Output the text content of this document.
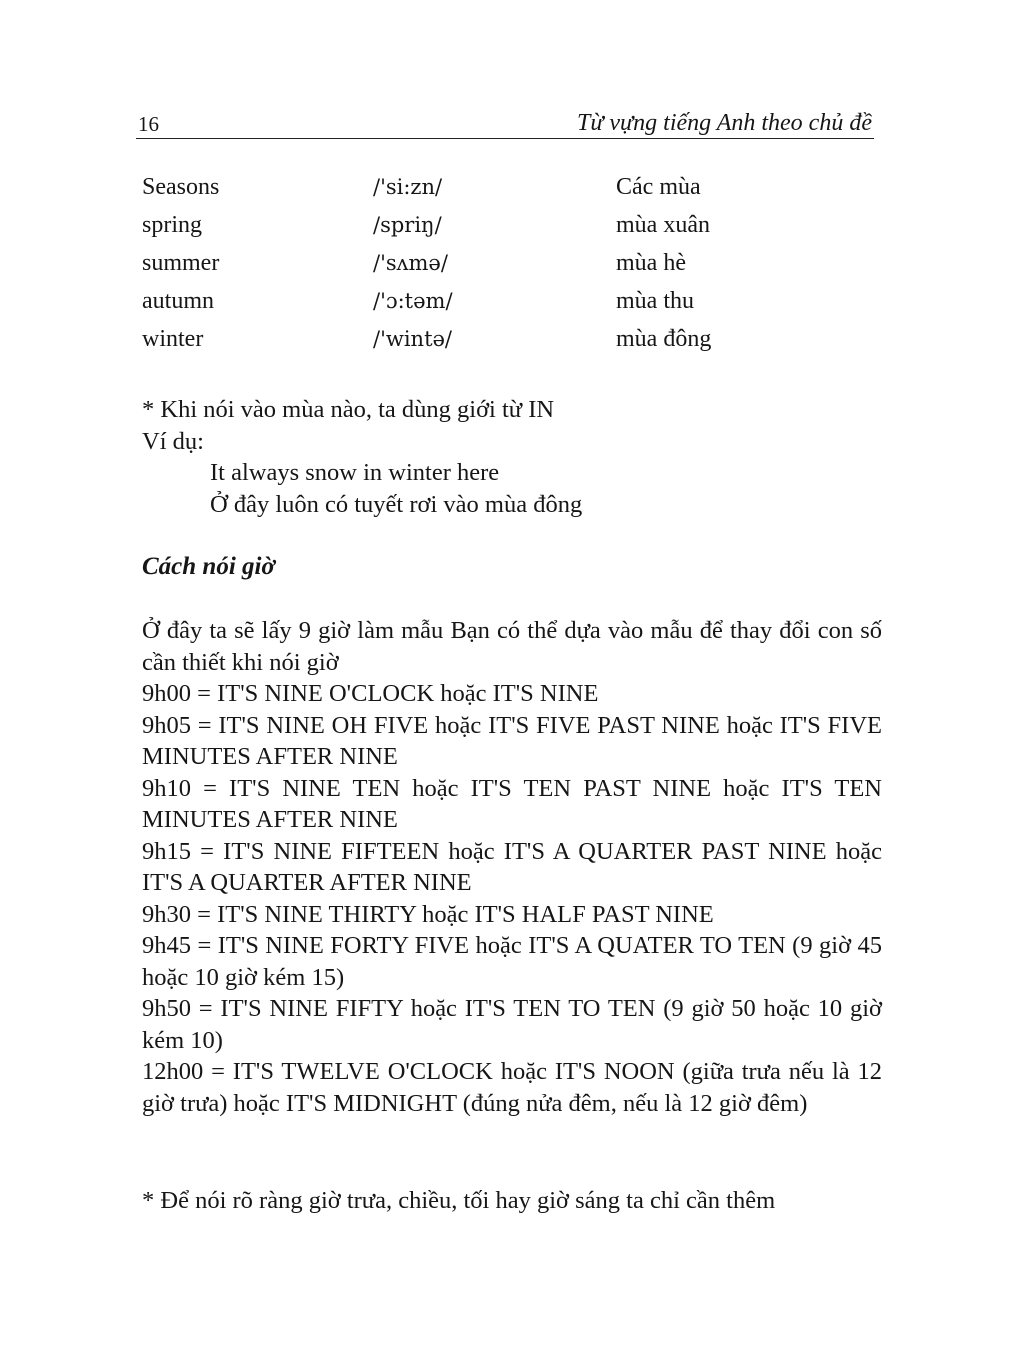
16	Từ vựng tiếng Anh theo chủ đề
Seasons	/'si:zn/	Các mùa
spring	/spriŋ/	mùa xuân
summer	/'sʌmə/	mùa hè
autumn	/'ɔ:təm/	mùa thu
winter	/'wintə/	mùa đông

* Khi nói vào mùa nào, ta dùng giới từ IN

Ví dụ:

It always snow in winter here

Ở đây luôn có tuyết rơi vào mùa đông

Cách nói giờ

Ở đây ta sẽ lấy 9 giờ làm mẫu Bạn có thể dựa vào mẫu để thay đổi con số cần thiết khi nói giờ

9h00 = IT'S NINE O'CLOCK hoặc IT'S NINE

9h05 = IT'S NINE OH FIVE hoặc IT'S FIVE PAST NINE hoặc IT'S FIVE MINUTES AFTER NINE

9h10 = IT'S NINE TEN hoặc IT'S TEN PAST NINE hoặc IT'S TEN MINUTES AFTER NINE

9h15 = IT'S NINE FIFTEEN hoặc IT'S A QUARTER PAST NINE hoặc IT'S A QUARTER AFTER NINE

9h30 = IT'S NINE THIRTY hoặc IT'S HALF PAST NINE

9h45 = IT'S NINE FORTY FIVE hoặc IT'S A QUATER TO TEN (9 giờ 45 hoặc 10 giờ kém 15)

9h50 = IT'S NINE FIFTY hoặc IT'S TEN TO TEN (9 giờ 50 hoặc 10 giờ kém 10)

12h00 = IT'S TWELVE O'CLOCK hoặc IT'S NOON (giữa trưa nếu là 12 giờ trưa) hoặc IT'S MIDNIGHT (đúng nửa đêm, nếu là 12 giờ đêm)

* Để nói rõ ràng giờ trưa, chiều, tối hay giờ sáng ta chỉ cần thêm
